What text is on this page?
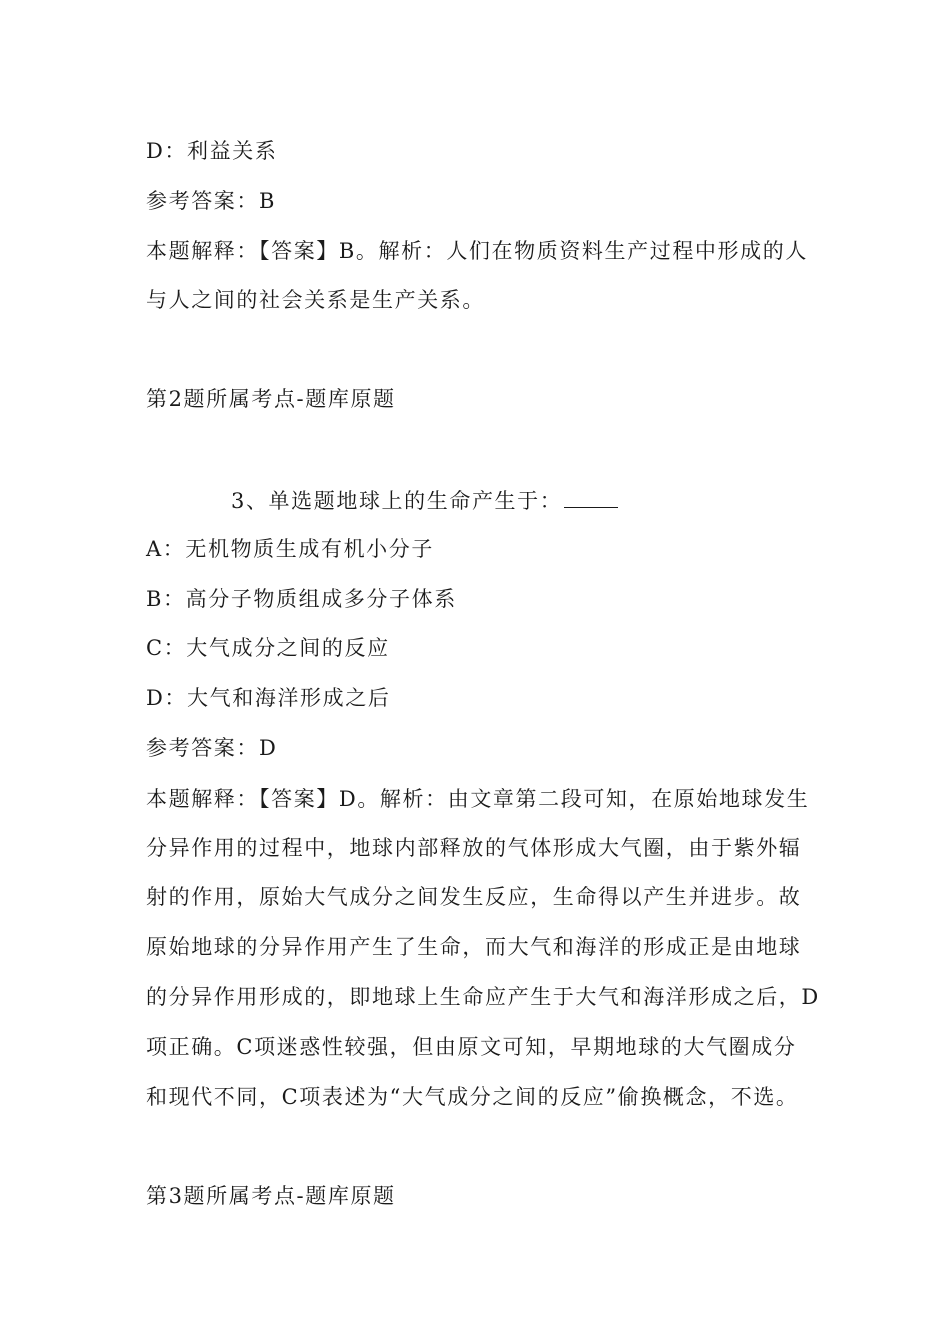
D：利益关系
参考答案：B
本题解释：【答案】B。解析：人们在物质资料生产过程中形成的人
与人之间的社会关系是生产关系。
第2题所属考点-题库原题
3、单选题地球上的生命产生于：
A：无机物质生成有机小分子
B：高分子物质组成多分子体系
C：大气成分之间的反应
D：大气和海洋形成之后
参考答案：D
本题解释：【答案】D。解析：由文章第二段可知，在原始地球发生
分异作用的过程中，地球内部释放的气体形成大气圈，由于紫外辐
射的作用，原始大气成分之间发生反应，生命得以产生并进步。故
原始地球的分异作用产生了生命，而大气和海洋的形成正是由地球
的分异作用形成的，即地球上生命应产生于大气和海洋形成之后，D
项正确。C项迷惑性较强，但由原文可知，早期地球的大气圈成分
和现代不同，C项表述为“大气成分之间的反应”偷换概念，不选。
第3题所属考点-题库原题
